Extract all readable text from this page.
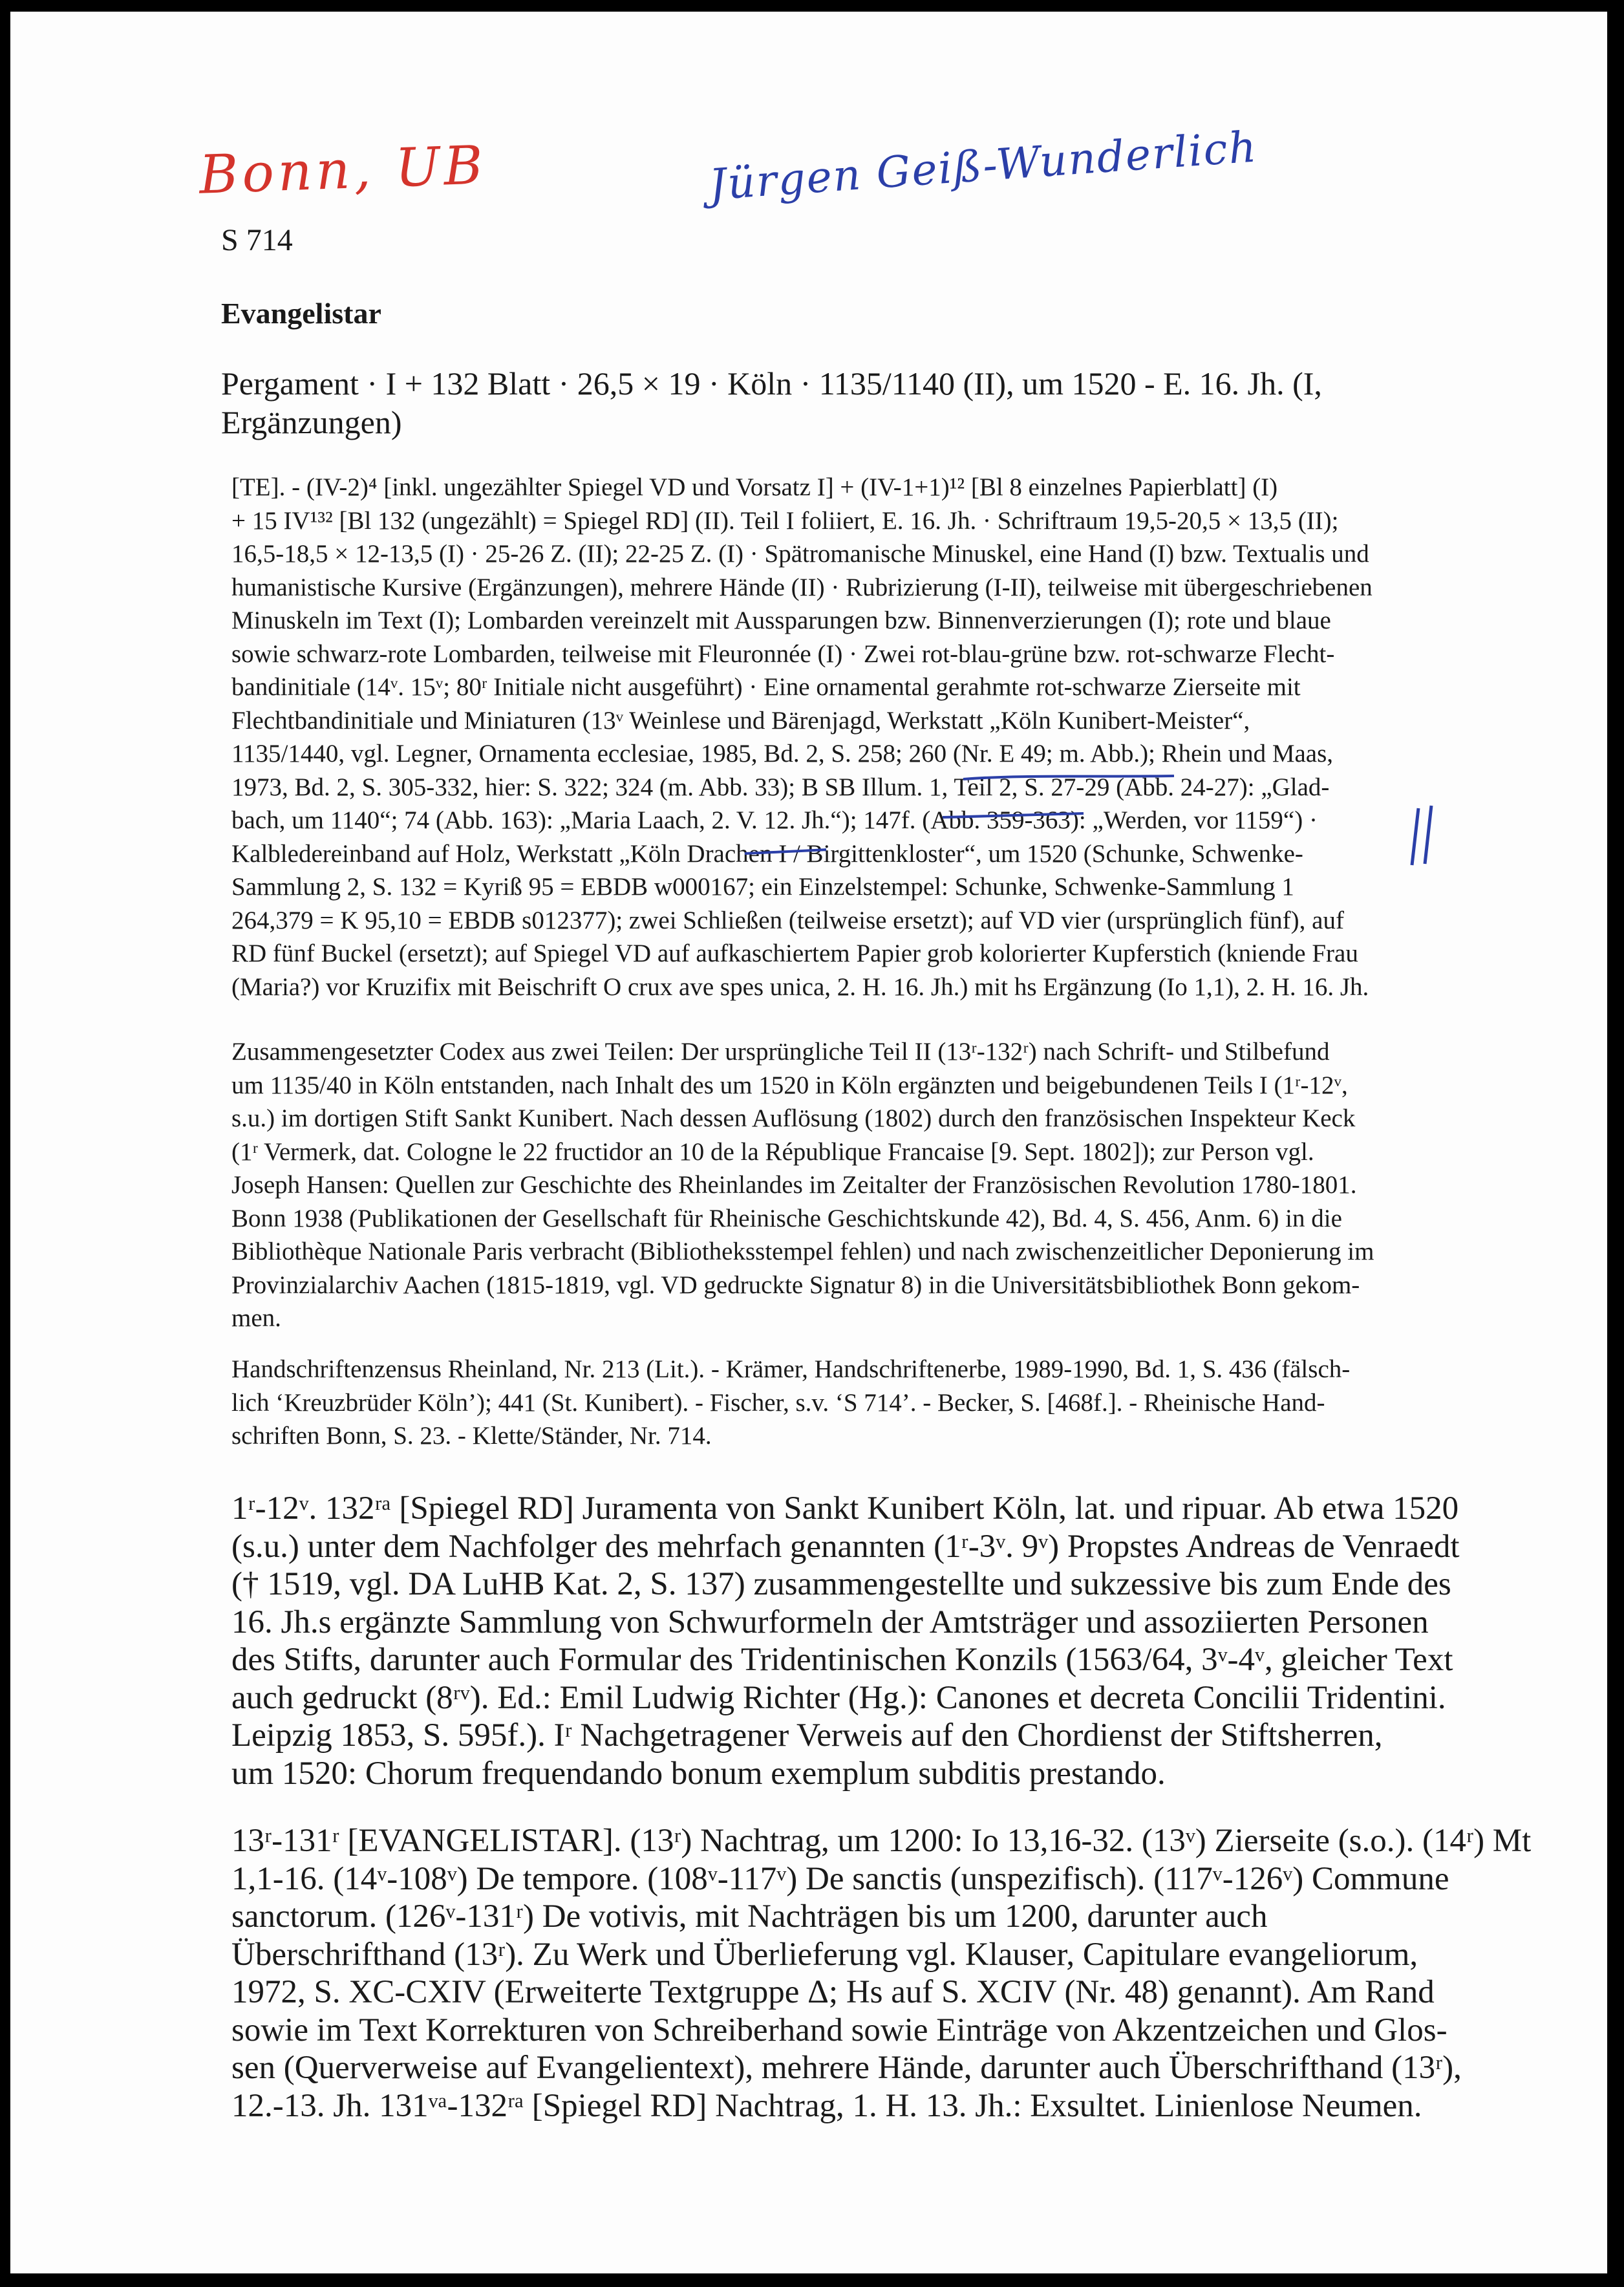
Bonn, UB	Jürgen Geiß-Wunderlich
S 714
Evangelistar
Pergament · I + 132 Blatt · 26,5 × 19 · Köln · 1135/1140 (II), um 1520 - E. 16. Jh. (I, Ergänzungen)
[TE]. - (IV-2)⁴ [inkl. ungezählter Spiegel VD und Vorsatz I] + (IV-1+1)¹² [Bl 8 einzelnes Papierblatt] (I)
+ 15 IV¹³² [Bl 132 (ungezählt) = Spiegel RD] (II). Teil I foliiert, E. 16. Jh. · Schriftraum 19,5-20,5 × 13,5 (II);
16,5-18,5 × 12-13,5 (I) · 25-26 Z. (II); 22-25 Z. (I) · Spätromanische Minuskel, eine Hand (I) bzw. Textualis und
humanistische Kursive (Ergänzungen), mehrere Hände (II) · Rubrizierung (I-II), teilweise mit übergeschriebenen
Minuskeln im Text (I); Lombarden vereinzelt mit Aussparungen bzw. Binnenverzierungen (I); rote und blaue
sowie schwarz-rote Lombarden, teilweise mit Fleuronnée (I) · Zwei rot-blau-grüne bzw. rot-schwarze Flecht-
bandinitiale (14ᵛ. 15ᵛ; 80ʳ Initiale nicht ausgeführt) · Eine ornamental gerahmte rot-schwarze Zierseite mit
Flechtbandinitiale und Miniaturen (13ᵛ Weinlese und Bärenjagd, Werkstatt „Köln Kunibert-Meister“,
1135/1440, vgl. Legner, Ornamenta ecclesiae, 1985, Bd. 2, S. 258; 260 (Nr. E 49; m. Abb.); Rhein und Maas,
1973, Bd. 2, S. 305-332, hier: S. 322; 324 (m. Abb. 33); B SB Illum. 1, Teil 2, S. 27-29 (Abb. 24-27): „Glad-
bach, um 1140“; 74 (Abb. 163): „Maria Laach, 2. V. 12. Jh.“); 147f. (Abb. 359-363): „Werden, vor 1159“) ·
Kalbledereinband auf Holz, Werkstatt „Köln Drachen I / Birgittenkloster“, um 1520 (Schunke, Schwenke-
Sammlung 2, S. 132 = Kyriß 95 = EBDB w000167; ein Einzelstempel: Schunke, Schwenke-Sammlung 1
264,379 = K 95,10 = EBDB s012377); zwei Schließen (teilweise ersetzt); auf VD vier (ursprünglich fünf), auf
RD fünf Buckel (ersetzt); auf Spiegel VD auf aufkaschiertem Papier grob kolorierter Kupferstich (kniende Frau
(Maria?) vor Kruzifix mit Beischrift O crux ave spes unica, 2. H. 16. Jh.) mit hs Ergänzung (Io 1,1), 2. H. 16. Jh.
Zusammengesetzter Codex aus zwei Teilen: Der ursprüngliche Teil II (13ʳ-132ʳ) nach Schrift- und Stilbefund
um 1135/40 in Köln entstanden, nach Inhalt des um 1520 in Köln ergänzten und beigebundenen Teils I (1ʳ-12ᵛ,
s.u.) im dortigen Stift Sankt Kunibert. Nach dessen Auflösung (1802) durch den französischen Inspekteur Keck
(1ʳ Vermerk, dat. Cologne le 22 fructidor an 10 de la République Francaise [9. Sept. 1802]); zur Person vgl.
Joseph Hansen: Quellen zur Geschichte des Rheinlandes im Zeitalter der Französischen Revolution 1780-1801.
Bonn 1938 (Publikationen der Gesellschaft für Rheinische Geschichtskunde 42), Bd. 4, S. 456, Anm. 6) in die
Bibliothèque Nationale Paris verbracht (Bibliotheksstempel fehlen) und nach zwischenzeitlicher Deponierung im
Provinzialarchiv Aachen (1815-1819, vgl. VD gedruckte Signatur 8) in die Universitätsbibliothek Bonn gekom-
men.
Handschriftenzensus Rheinland, Nr. 213 (Lit.). - Krämer, Handschriftenerbe, 1989-1990, Bd. 1, S. 436 (fälsch-
lich ‘Kreuzbrüder Köln’); 441 (St. Kunibert). - Fischer, s.v. ‘S 714’. - Becker, S. [468f.]. - Rheinische Hand-
schriften Bonn, S. 23. - Klette/Ständer, Nr. 714.
1ʳ-12ᵛ. 132ʳᵃ [Spiegel RD] Juramenta von Sankt Kunibert Köln, lat. und ripuar. Ab etwa 1520
(s.u.) unter dem Nachfolger des mehrfach genannten (1ʳ-3ᵛ. 9ᵛ) Propstes Andreas de Venraedt
(† 1519, vgl. DA LuHB Kat. 2, S. 137) zusammengestellte und sukzessive bis zum Ende des
16. Jh.s ergänzte Sammlung von Schwurformeln der Amtsträger und assoziierten Personen
des Stifts, darunter auch Formular des Tridentinischen Konzils (1563/64, 3ᵛ-4ᵛ, gleicher Text
auch gedruckt (8ʳᵛ). Ed.: Emil Ludwig Richter (Hg.): Canones et decreta Concilii Tridentini.
Leipzig 1853, S. 595f.). Iʳ Nachgetragener Verweis auf den Chordienst der Stiftsherren,
um 1520: Chorum frequendando bonum exemplum subditis prestando.
13ʳ-131ʳ [EVANGELISTAR]. (13ʳ) Nachtrag, um 1200: Io 13,16-32. (13ᵛ) Zierseite (s.o.). (14ʳ) Mt
1,1-16. (14ᵛ-108ᵛ) De tempore. (108ᵛ-117ᵛ) De sanctis (unspezifisch). (117ᵛ-126ᵛ) Commune
sanctorum. (126ᵛ-131ʳ) De votivis, mit Nachträgen bis um 1200, darunter auch
Überschrifthand (13ʳ). Zu Werk und Überlieferung vgl. Klauser, Capitulare evangeliorum,
1972, S. XC-CXIV (Erweiterte Textgruppe Δ; Hs auf S. XCIV (Nr. 48) genannt). Am Rand
sowie im Text Korrekturen von Schreiberhand sowie Einträge von Akzentzeichen und Glos-
sen (Querverweise auf Evangelientext), mehrere Hände, darunter auch Überschrifthand (13ʳ),
12.-13. Jh. 131ᵛᵃ-132ʳᵃ [Spiegel RD] Nachtrag, 1. H. 13. Jh.: Exsultet. Linienlose Neumen.
